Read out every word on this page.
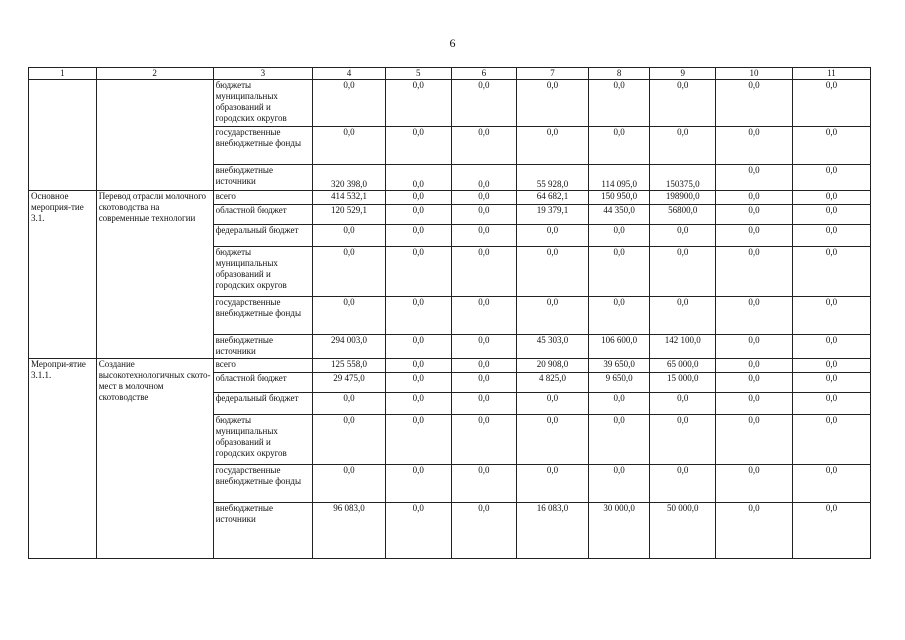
6
1	2	3	4	5	6	7	8	9	10	11
		бюджеты муниципальных образований и городских округов	0,0	0,0	0,0	0,0	0,0	0,0	0,0	0,0
		государственные внебюджетные фонды	0,0	0,0	0,0	0,0	0,0	0,0	0,0	0,0
		внебюджетные источники	320 398,0	0,0	0,0	55 928,0	114 095,0	150375,0	0,0	0,0
Основное мероприя-тие 3.1.	Перевод отрасли молочного скотоводства на современные технологии	всего	414 532,1	0,0	0,0	64 682,1	150 950,0	198900,0	0,0	0,0
		областной бюджет	120 529,1	0,0	0,0	19 379,1	44 350,0	56800,0	0,0	0,0
		федеральный бюджет	0,0	0,0	0,0	0,0	0,0	0,0	0,0	0,0
		бюджеты муниципальных образований и городских округов	0,0	0,0	0,0	0,0	0,0	0,0	0,0	0,0
		государственные внебюджетные фонды	0,0	0,0	0,0	0,0	0,0	0,0	0,0	0,0
		внебюджетные источники	294 003,0	0,0	0,0	45 303,0	106 600,0	142 100,0	0,0	0,0
Меропри-ятие 3.1.1.	Создание высокотехнологичных ското-мест в молочном скотоводстве	всего	125 558,0	0,0	0,0	20 908,0	39 650,0	65 000,0	0,0	0,0
		областной бюджет	29 475,0	0,0	0,0	4 825,0	9 650,0	15 000,0	0,0	0,0
		федеральный бюджет	0,0	0,0	0,0	0,0	0,0	0,0	0,0	0,0
		бюджеты муниципальных образований и городских округов	0,0	0,0	0,0	0,0	0,0	0,0	0,0	0,0
		государственные внебюджетные фонды	0,0	0,0	0,0	0,0	0,0	0,0	0,0	0,0
		внебюджетные источники	96 083,0	0,0	0,0	16 083,0	30 000,0	50 000,0	0,0	0,0
